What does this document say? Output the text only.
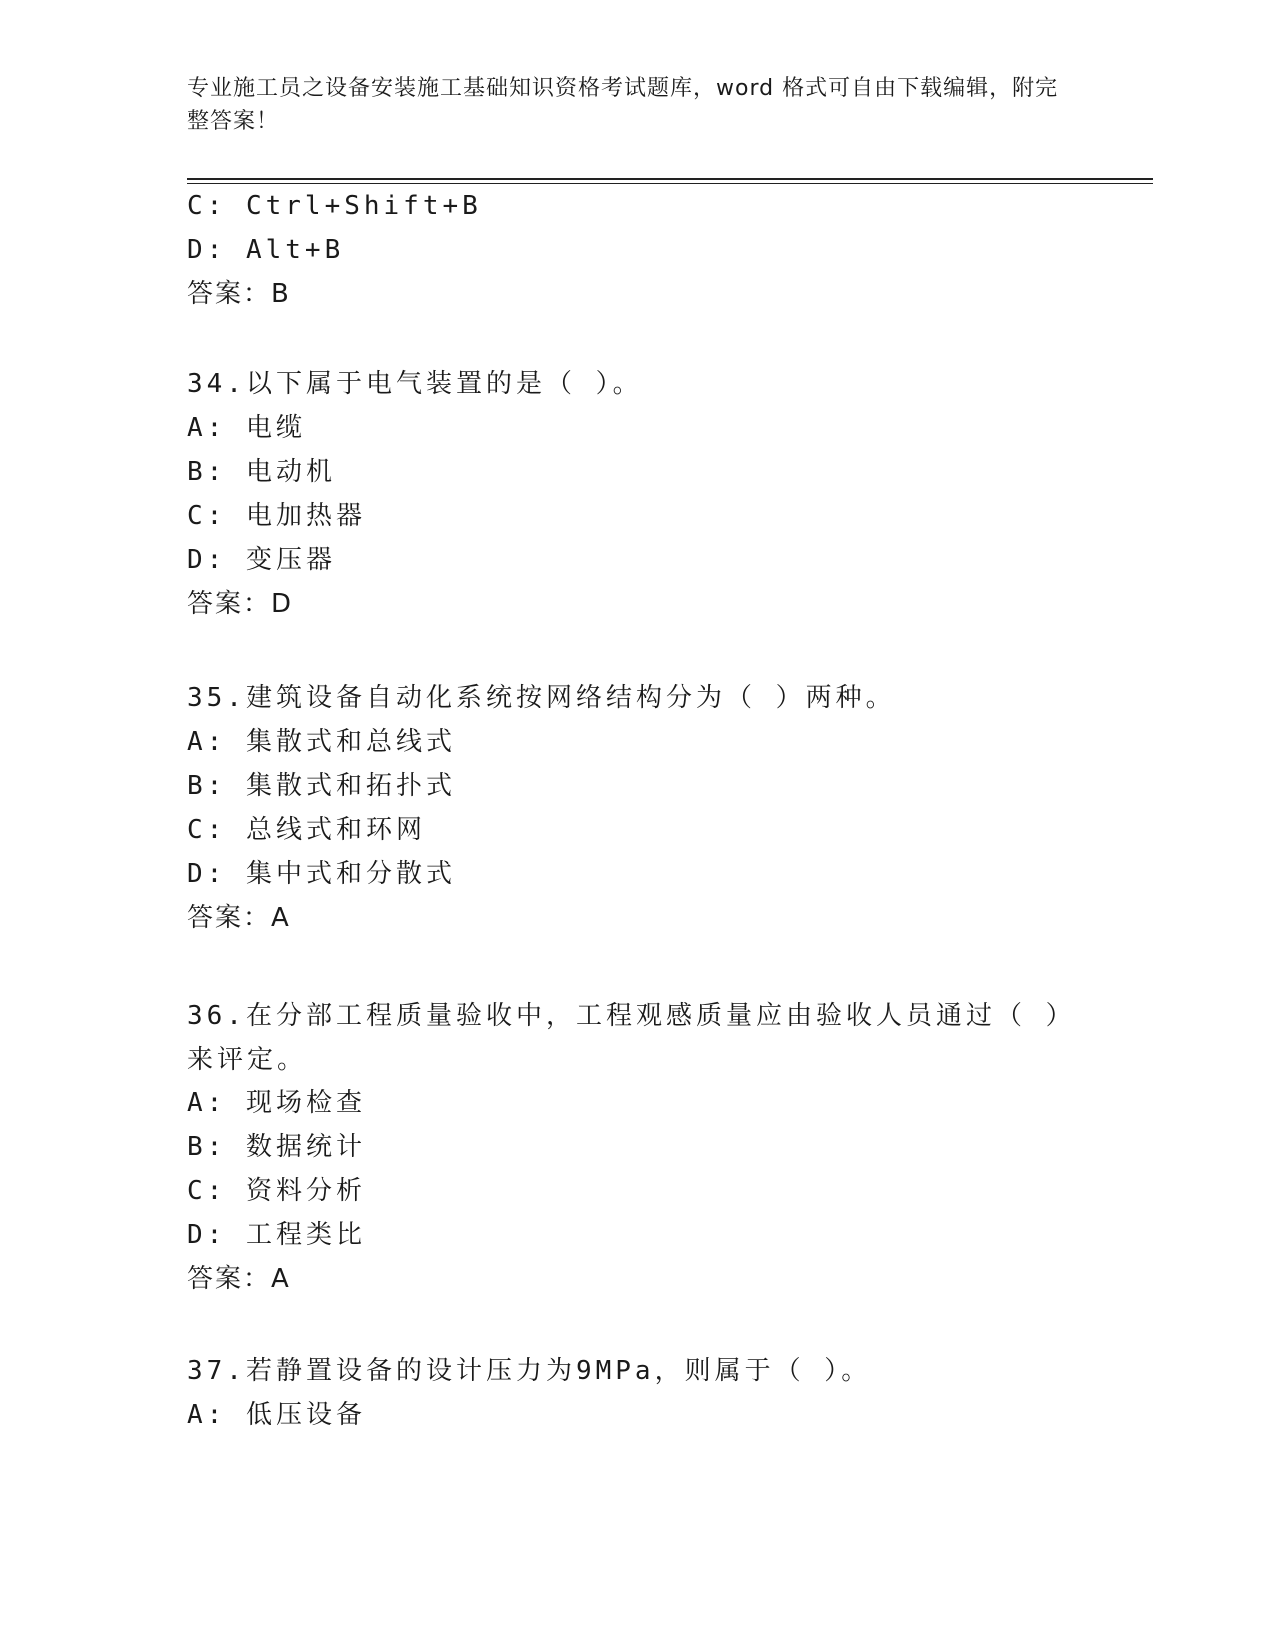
专业施工员之设备安装施工基础知识资格考试题库，word 格式可自由下载编辑，附完整答案！
C: Ctrl+Shift+B
D: Alt+B
答案：B
34.以下属于电气装置的是（ ）。
A: 电缆
B: 电动机
C: 电加热器
D: 变压器
答案：D
35.建筑设备自动化系统按网络结构分为（ ）两种。
A: 集散式和总线式
B: 集散式和拓扑式
C: 总线式和环网
D: 集中式和分散式
答案：A
36.在分部工程质量验收中，工程观感质量应由验收人员通过（ ）来评定。
A: 现场检查
B: 数据统计
C: 资料分析
D: 工程类比
答案：A
37.若静置设备的设计压力为9MPa，则属于（ ）。
A: 低压设备
